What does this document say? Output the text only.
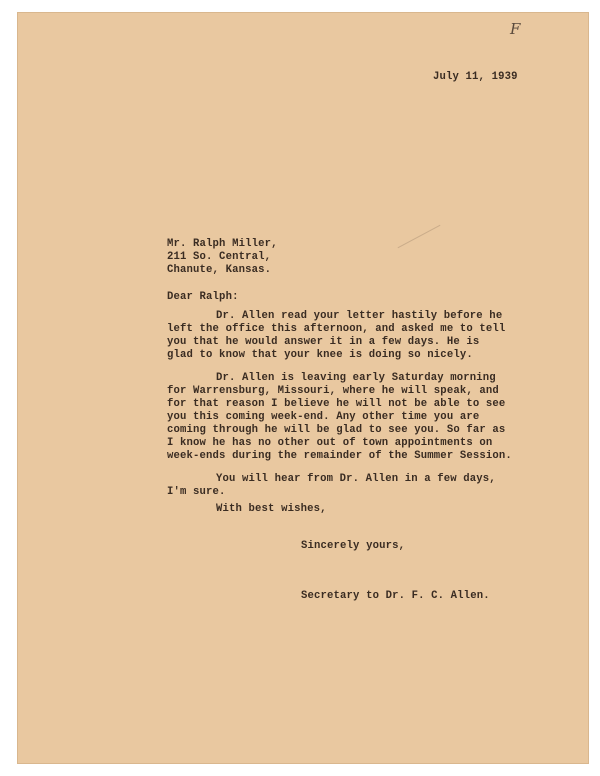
F
July 11, 1939
Mr. Ralph Miller,
211 So. Central,
Chanute, Kansas.
Dear Ralph:
Dr. Allen read your letter hastily before he
left the office this afternoon, and asked me to tell
you that he would answer it in a few days. He is
glad to know that your knee is doing so nicely.
Dr. Allen is leaving early Saturday morning
for Warrensburg, Missouri, where he will speak, and
for that reason I believe he will not be able to see
you this coming week-end. Any other time you are
coming through he will be glad to see you. So far as
I know he has no other out of town appointments on
week-ends during the remainder of the Summer Session.
You will hear from Dr. Allen in a few days,
I'm sure.
With best wishes,
Sincerely yours,
Secretary to Dr. F. C. Allen.
